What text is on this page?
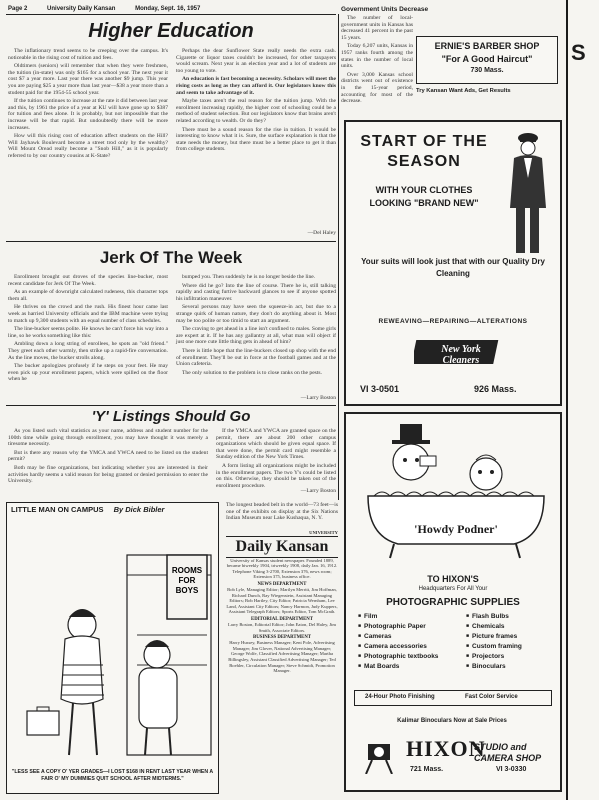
Page 2	University Daily Kansan	Monday, Sept. 16, 1957
Higher Education

The inflationary trend seems to be creeping over the campus. It's noticeable in the rising cost of tuition and fees.

Oldtimers (seniors) will remember that when they were freshmen, the tuition (in-state) was only $165 for a school year. The next year it cost $7 a year more. Last year there was another $9 jump. This year you are paying $25 a year more than last year—$38 a year more than a student paid for the 1954-55 school year.

If the tuition continues to increase at the rate it did between last year and this, by 1961 the price of a year at KU will have gone up to $387 for tuition and fees alone. It is probably, but not impossible that the increase will be that rapid. But undoubtedly there will be more increases.

How will this rising cost of education affect students on the Hill? Will Jayhawk Boulevard become a street trod only by the wealthy? Will Mount Oread really become a "Snob Hill," as it is popularly referred to by our country cousins at K-State?

Perhaps the dear Sunflower State really needs the extra cash. Cigarette or liquor taxes couldn't be increased, for other taxpayers would scream. Next year is an election year and a lot of students are too young to vote.

An education is fast becoming a necessity. Scholars will meet the rising costs as long as they can afford it. Our legislators know this and seem to take advantage of it.

Maybe taxes aren't the real reason for the tuition jump. With the enrollment increasing rapidly, the higher cost of schooling could be a method of student selection. But our legislators know that brains aren't related according to wealth. Or do they?

There must be a sound reason for the rise in tuition. It would be interesting to know what it is. Sure, the surface explanation is that the state needs the money, but there must be a better place to get it than from college students.

—Del Haley
Government Units Decrease

The number of local-government units in Kansas has decreased 41 percent in the past 15 years.

Today 6,207 units, Kansas in 1957 ranks fourth among the states in the number of local units.

Over 3,000 Kansas school districts went out of existence in the 15-year period, accounting for most of the decrease.

Try Kansan Want Ads, Get Results
ERNIE'S BARBER SHOP
"For A Good Haircut"
730 Mass.
Jerk Of The Week

Enrollment brought out droves of the species line-bucker, most recent candidate for Jerk Of The Week.

As an example of downright calculated rudeness, this character tops them all.

He thrives on the crowd and the rush. His finest hour came last week as harried University officials and the IBM machine were trying to match up 9,300 students with an equal number of class schedules.

The line-bucker seems polite. He knows he can't force his way into a line, so he works something like this:

Ambling down a long string of enrollees, he spots an "old friend." They greet each other warmly, then strike up a rapid-fire conversation. As the line moves, the bucker strolls along.

The bucker apologizes profusely if he steps on your feet. He may even pick up your enrollment papers, which were spilled on the floor when he

bumped you. Then suddenly he is no longer beside the line.

Where did he go? Into the line of course. There he is, still talking rapidly and casting furtive backward glances to see if anyone spotted his infiltration maneuver.

Several persons may have seen the squeeze-in act, but due to a strange quirk of human nature, they don't do anything about it. Most may be too polite or too timid to start an argument.

The craving to get ahead in a line isn't confined to males. Some girls are expert at it. If he has any gallantry at all, what man will object if just one more cute little thing gets in ahead of him?

There is little hope that the line-buckers closed up shop with the end of enrollment. They'll be out in force at the football games and at the Union cafeteria.

The only solution to the problem is to close ranks on the pests.

—Larry Boston
'Y' Listings Should Go

As you listed such vital statistics as your name, address and student number for the 100th time while going through enrollment, you may have thought it was merely a tiresome necessity.

But is there any reason why the YMCA and YWCA need to be listed on the student permit?

Both may be fine organizations, but indicating whether you are interested in their activities hardly seems a valid reason for being granted or denied permission to enter the University.

If the YMCA and YWCA are granted space on the permit, there are about 200 other campus organizations which should be given equal space. If that were done, the permit card might resemble a Sunday edition of the New York Times.

A form listing all organizations might be included in the enrollment papers. The two Y's could be listed on this. Otherwise, they should be taken out of the enrollment procedure.

—Larry Boston
LITTLE MAN ON CAMPUS By Dick Bibler
ROOMS FOR BOYS
"LESS SEE A COPY O' YER GRADES—I LOST $168 IN RENT LAST YEAR WHEN A FAIR O' MY DUMMIES QUIT SCHOOL AFTER MIDTERMS."
The longest beaded belt in the world—73 feet—is one of the exhibits on display at the Six Nations Indian Museum near Lake Kushaqua, N. Y.
UNIVERSITY
Daily Kansan
University of Kansas student newspaper. Founded 1889, became biweekly 1904, triweekly 1908, daily Jan. 16, 1912. Telephone Viking 3-2700, Extension 376, news room; Extension 375, business office.
NEWS DEPARTMENT
Bob Lyle, Managing Editor; Marilyn Merritt, Jim Hoffman, Richard Dunch, Ray Wiegenstein, Assistant Managing Editors; Bob Hartley, City Editor; Patricia Wernham, Lee Land, Assistant City Editors; Nancy Harmon, Judy Kuppers, Assistant Telegraph Editors; Sports Editor, Tom McGrath.
EDITORIAL DEPARTMENT
Larry Boston, Editorial Editor; John Eaton, Del Haley, Jim Smith, Associate Editors.
BUSINESS DEPARTMENT
Harry Hussey, Business Manager; Kent Pole, Advertising Manager; Jim Glover, National Advertising Manager; George Wolfe, Classified Advertising Manager; Martha Billingsley, Assistant Classified Advertising Manager; Ted Boehler, Circulation Manager; Steve Schmidt, Promotion Manager.
START OF THE SEASON
WITH YOUR CLOTHES LOOKING "BRAND NEW"
Your suits will look just that with our Quality Dry Cleaning
REWEAVING—REPAIRING—ALTERATIONS
New York Cleaners
VI 3-0501	926 Mass.
'Howdy Podner'
TO HIXON'S
Headquarters For All Your
PHOTOGRAPHIC SUPPLIES
■ Film
■ Photographic Paper
■ Cameras
■ Camera accessories
■ Photographic textbooks
■ Mat Boards
■ Flash Bulbs
■ Chemicals
■ Picture frames
■ Custom framing
■ Projectors
■ Binoculars
24-Hour Photo Finishing	Fast Color Service
Kalimar Binoculars Now at Sale Prices
HIXON
STUDIO and CAMERA SHOP
721 Mass.	VI 3-0330
S
